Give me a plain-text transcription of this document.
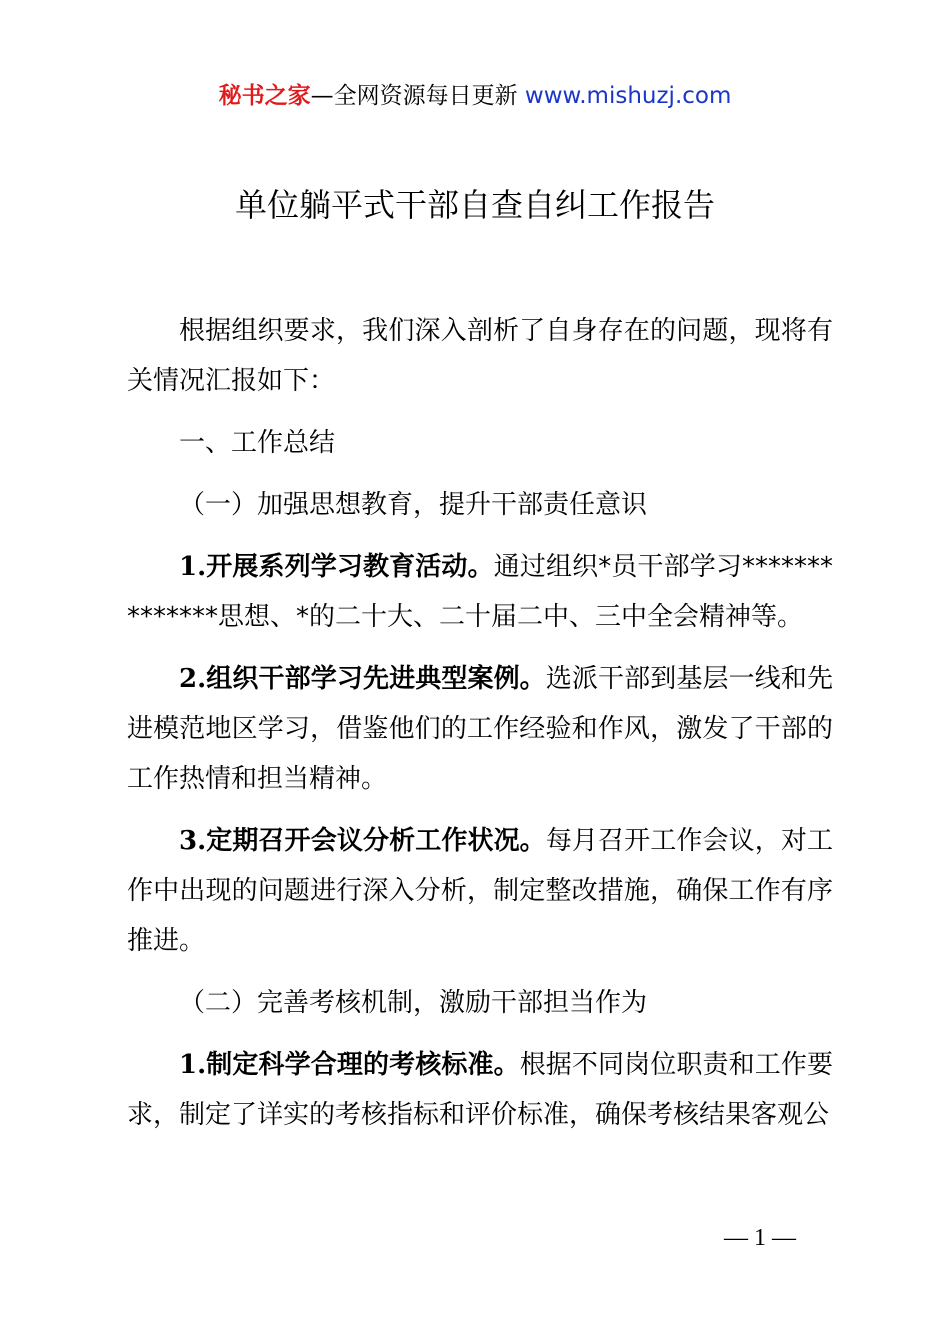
秘书之家—全网资源每日更新 www.mishuzj.com
单位躺平式干部自查自纠工作报告

根据组织要求，我们深入剖析了自身存在的问题，现将有关情况汇报如下：

一、工作总结

（一）加强思想教育，提升干部责任意识

1.开展系列学习教育活动。通过组织*员干部学习**************思想、*的二十大、二十届二中、三中全会精神等。

2.组织干部学习先进典型案例。选派干部到基层一线和先进模范地区学习，借鉴他们的工作经验和作风，激发了干部的工作热情和担当精神。

3.定期召开会议分析工作状况。每月召开工作会议，对工作中出现的问题进行深入分析，制定整改措施，确保工作有序推进。

（二）完善考核机制，激励干部担当作为

1.制定科学合理的考核标准。根据不同岗位职责和工作要求，制定了详实的考核指标和评价标准，确保考核结果客观公

— 1 —
